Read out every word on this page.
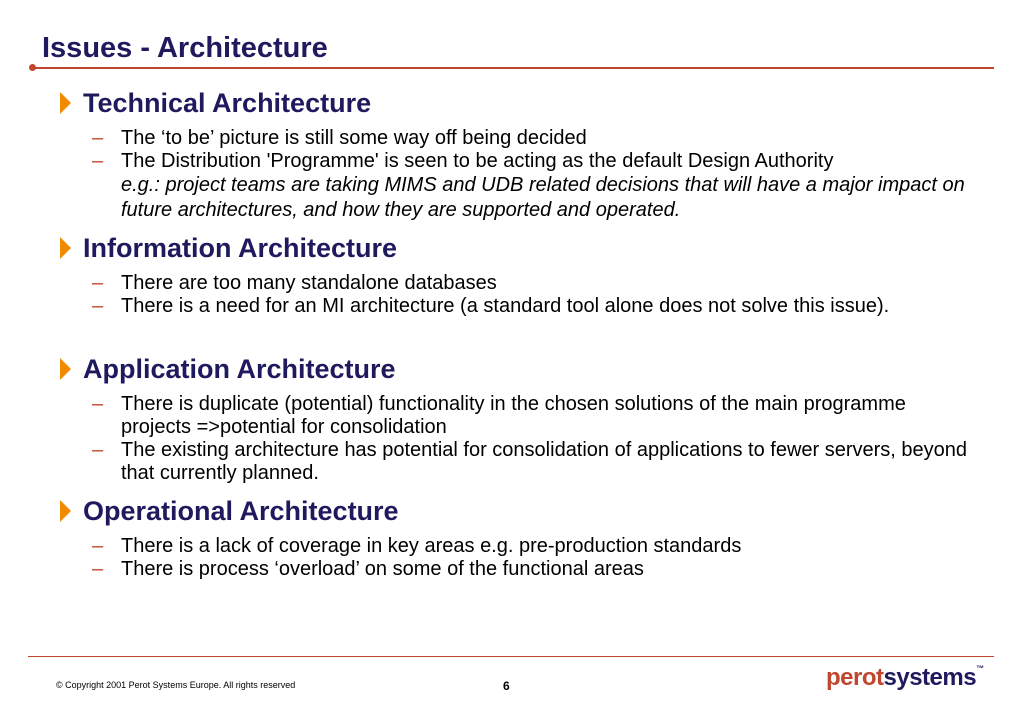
Issues - Architecture
Technical Architecture
– The ‘to be’ picture is still some way off being decided
– The Distribution 'Programme' is seen to be acting as the default Design Authority
e.g.: project teams are taking MIMS and UDB related decisions that will have a major impact on future architectures, and how they are supported and operated.
Information Architecture
– There are too many standalone databases
– There is a need for an MI architecture (a standard tool alone does not solve this issue).
Application Architecture
– There is duplicate (potential) functionality in the chosen solutions of the main programme projects =>potential for consolidation
– The existing architecture has potential for consolidation of applications to fewer servers, beyond that currently planned.
Operational Architecture
– There is a lack of coverage in key areas e.g. pre-production standards
– There is process ‘overload’ on some of the functional areas
© Copyright 2001 Perot Systems Europe. All rights reserved	6	perotsystems™
